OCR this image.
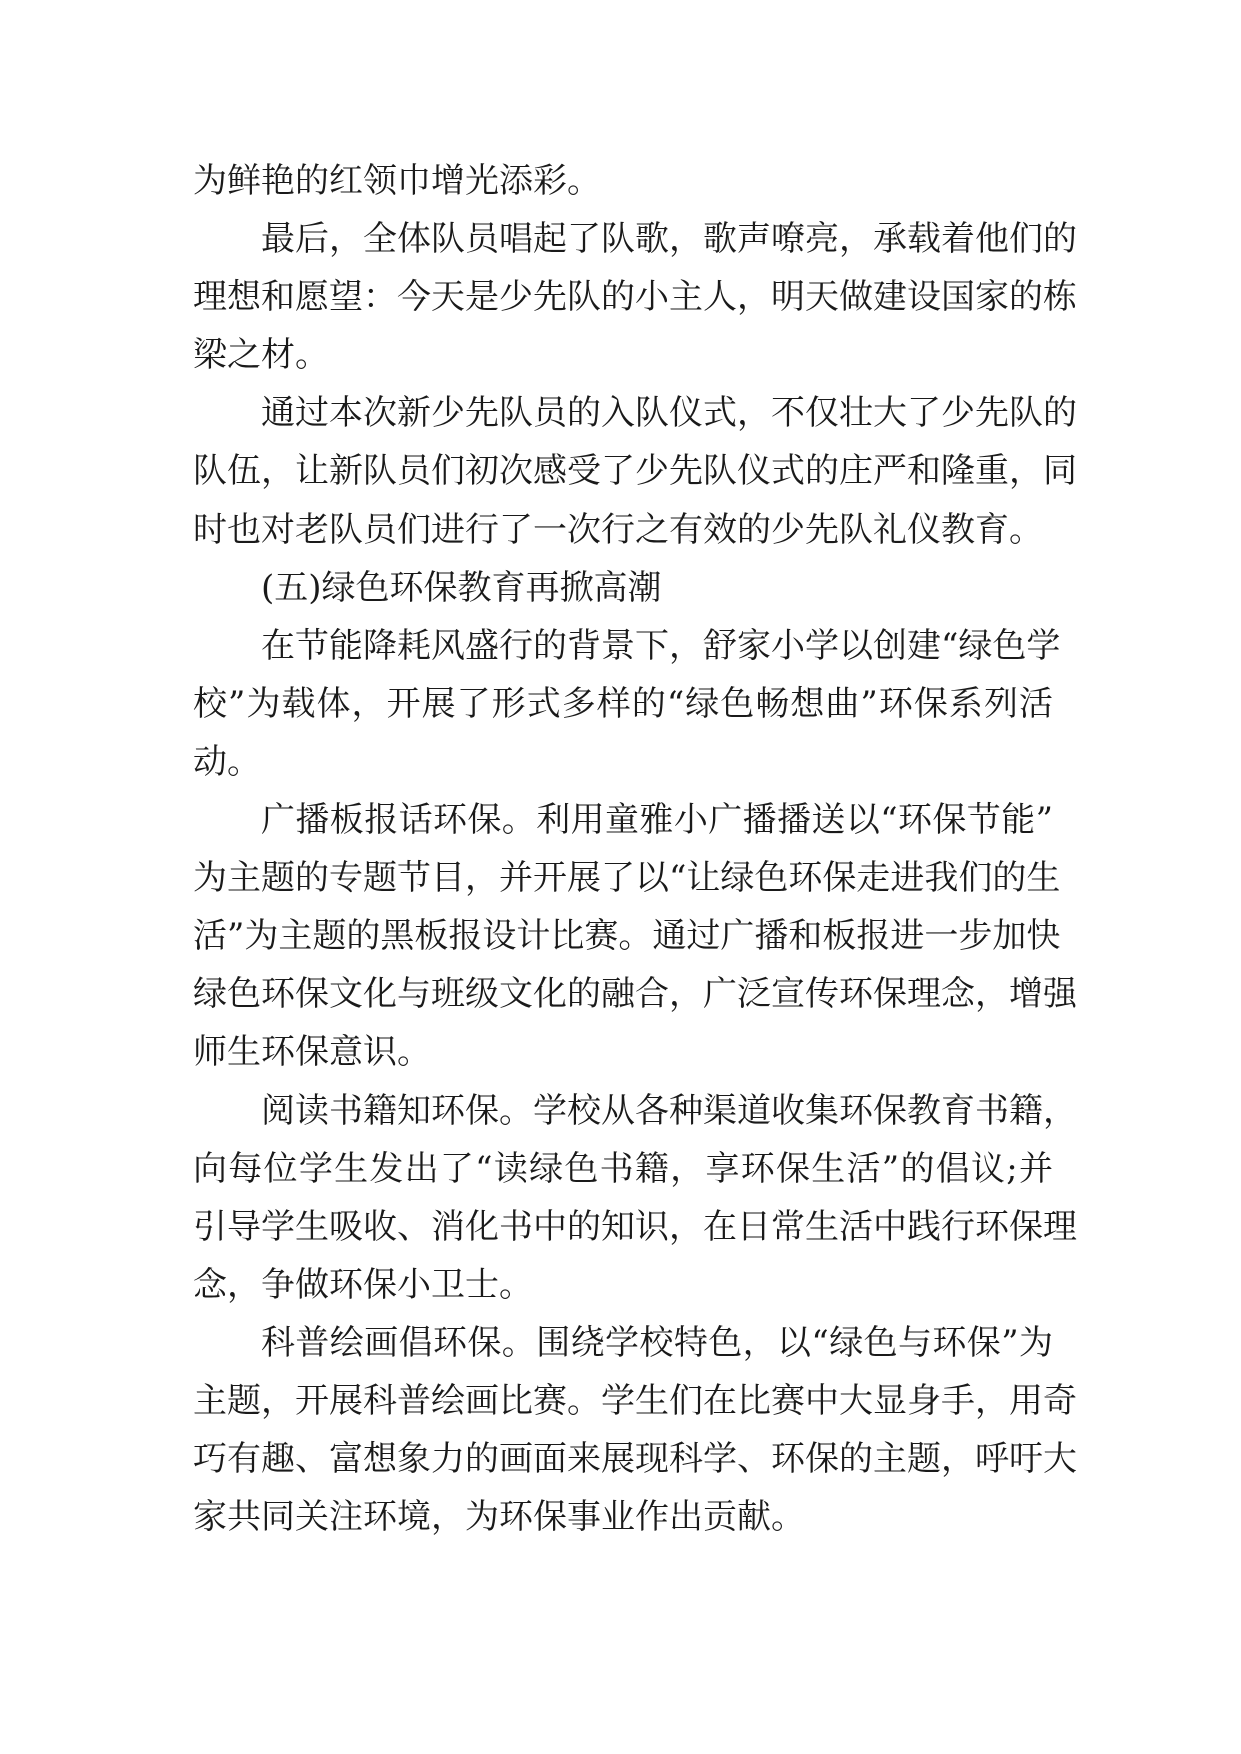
为鲜艳的红领巾增光添彩。
最后，全体队员唱起了队歌，歌声嘹亮，承载着他们的
理想和愿望：今天是少先队的小主人，明天做建设国家的栋
梁之材。
通过本次新少先队员的入队仪式，不仅壮大了少先队的
队伍，让新队员们初次感受了少先队仪式的庄严和隆重，同
时也对老队员们进行了一次行之有效的少先队礼仪教育。
(五)绿色环保教育再掀高潮
在节能降耗风盛行的背景下，舒家小学以创建“绿色学
校”为载体，开展了形式多样的“绿色畅想曲”环保系列活
动。
广播板报话环保。利用童雅小广播播送以“环保节能”
为主题的专题节目，并开展了以“让绿色环保走进我们的生
活”为主题的黑板报设计比赛。通过广播和板报进一步加快
绿色环保文化与班级文化的融合，广泛宣传环保理念，增强
师生环保意识。
阅读书籍知环保。学校从各种渠道收集环保教育书籍，
向每位学生发出了“读绿色书籍，享环保生活”的倡议;并
引导学生吸收、消化书中的知识，在日常生活中践行环保理
念，争做环保小卫士。
科普绘画倡环保。围绕学校特色，以“绿色与环保”为
主题，开展科普绘画比赛。学生们在比赛中大显身手，用奇
巧有趣、富想象力的画面来展现科学、环保的主题，呼吁大
家共同关注环境，为环保事业作出贡献。
